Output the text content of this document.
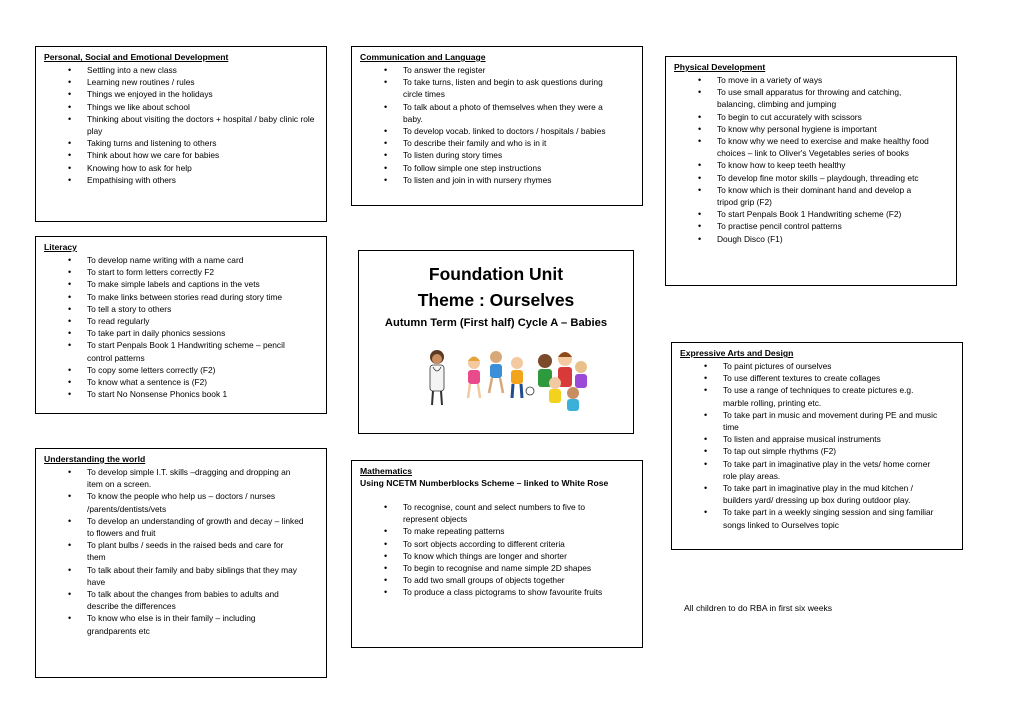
Personal, Social and Emotional Development
• Settling into a new class
• Learning new routines / rules
• Things we enjoyed in the holidays
• Things we like about school
• Thinking about visiting the doctors + hospital / baby clinic role play
• Taking turns and listening to others
• Think about how we care for babies
• Knowing how to ask for help
• Empathising with others
Communication and Language
• To answer the register
• To take turns, listen and begin to ask questions during circle times
• To talk about a photo of themselves when they were a baby.
• To develop vocab. linked to doctors / hospitals / babies
• To describe their family and who is in it
• To listen during story times
• To follow simple one step instructions
• To listen and join in with nursery rhymes
Physical Development
• To move in a variety of ways
• To use small apparatus for throwing and catching, balancing, climbing and jumping
• To begin to cut accurately with scissors
• To know why personal hygiene is important
• To know why we need to exercise and make healthy food choices – link to Oliver's Vegetables series of books
• To know how to keep teeth healthy
• To develop fine motor skills – playdough, threading etc
• To know which is their dominant hand and develop a tripod grip (F2)
• To start Penpals Book 1 Handwriting scheme (F2)
• To practise pencil control patterns
• Dough Disco (F1)
Literacy
• To develop name writing with a name card
• To start to form letters correctly F2
• To make simple labels and captions in the vets
• To make links between stories read during story time
• To tell a story to others
• To read regularly
• To take part in daily phonics sessions
• To start Penpals Book 1 Handwriting scheme – pencil control patterns
• To copy some letters correctly (F2)
• To know what a sentence is (F2)
• To start No Nonsense Phonics book 1
Foundation Unit
Theme : Ourselves
Autumn Term (First half) Cycle A – Babies
Expressive Arts and Design
• To paint pictures of ourselves
• To use different textures to create collages
• To use a range of techniques to create pictures e.g. marble rolling, printing etc.
• To take part in music and movement during PE and music time
• To listen and appraise musical instruments
• To tap out simple rhythms (F2)
• To take part in imaginative play in the vets/ home corner role play areas.
• To take part in imaginative play in the mud kitchen / builders yard/ dressing up box during outdoor play.
• To take part in a weekly singing session and sing familiar songs linked to Ourselves topic
Understanding the world
• To develop simple I.T. skills –dragging and dropping an item on a screen.
• To know the people who help us – doctors / nurses /parents/dentists/vets
• To develop an understanding of growth and decay – linked to flowers and fruit
• To plant bulbs / seeds in the raised beds and care for them
• To talk about their family and baby siblings that they may have
• To talk about the changes from babies to adults and describe the differences
• To know who else is in their family – including grandparents etc
Mathematics
Using NCETM Numberblocks Scheme – linked to White Rose
• To recognise, count and select numbers to five to represent objects
• To make repeating patterns
• To sort objects according to different criteria
• To know which things are longer and shorter
• To begin to recognise and name simple 2D shapes
• To add two small groups of objects together
• To produce a class pictograms to show favourite fruits
All children to do RBA in first six weeks
